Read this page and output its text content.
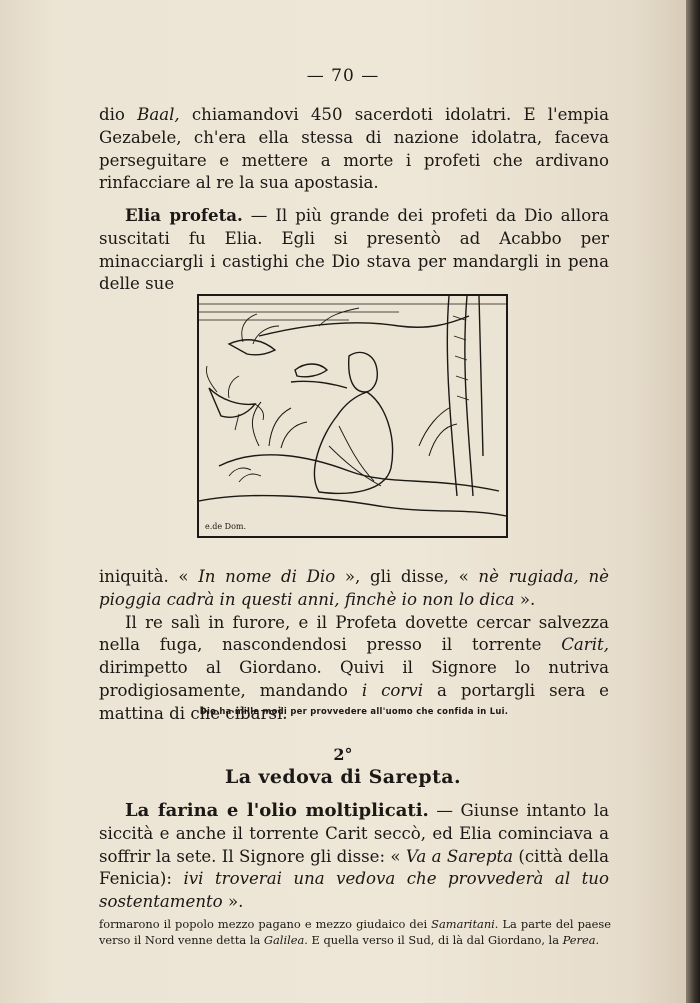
— 70 —

dio Baal, chiamandovi 450 sacerdoti idolatri. E l'empia Gezabele, ch'era ella stessa di nazione idolatra, faceva perseguitare e mettere a morte i profeti che ardivano rinfacciare al re la sua apostasia.

Elia profeta. — Il più grande dei profeti da Dio allora suscitati fu Elia. Egli si presentò ad Acabbo per minacciargli i castighi che Dio stava per mandargli in pena delle sue

e.de Dom.

iniquità. « In nome di Dio », gli disse, « nè rugiada, nè pioggia cadrà in questi anni, finchè io non lo dica ».

Il re salì in furore, e il Profeta dovette cercar salvezza nella fuga, nascondendosi presso il torrente Carit, dirimpetto al Giordano. Quivi il Signore lo nutriva prodigiosamente, mandando i corvi a portargli sera e mattina di che cibarsi.

Dio ha mille modi per provvedere all'uomo che confida in Lui.
2°
La vedova di Sarepta.

La farina e l'olio moltiplicati. — Giunse intanto la siccità e anche il torrente Carit seccò, ed Elia cominciava a soffrir la sete. Il Signore gli disse: « Va a Sarepta (città della Fenicia): ivi troverai una vedova che provvederà al tuo sostentamento ».

formarono il popolo mezzo pagano e mezzo giudaico dei Samaritani. La parte del paese verso il Nord venne detta la Galilea. E quella verso il Sud, di là dal Giordano, la Perea.
